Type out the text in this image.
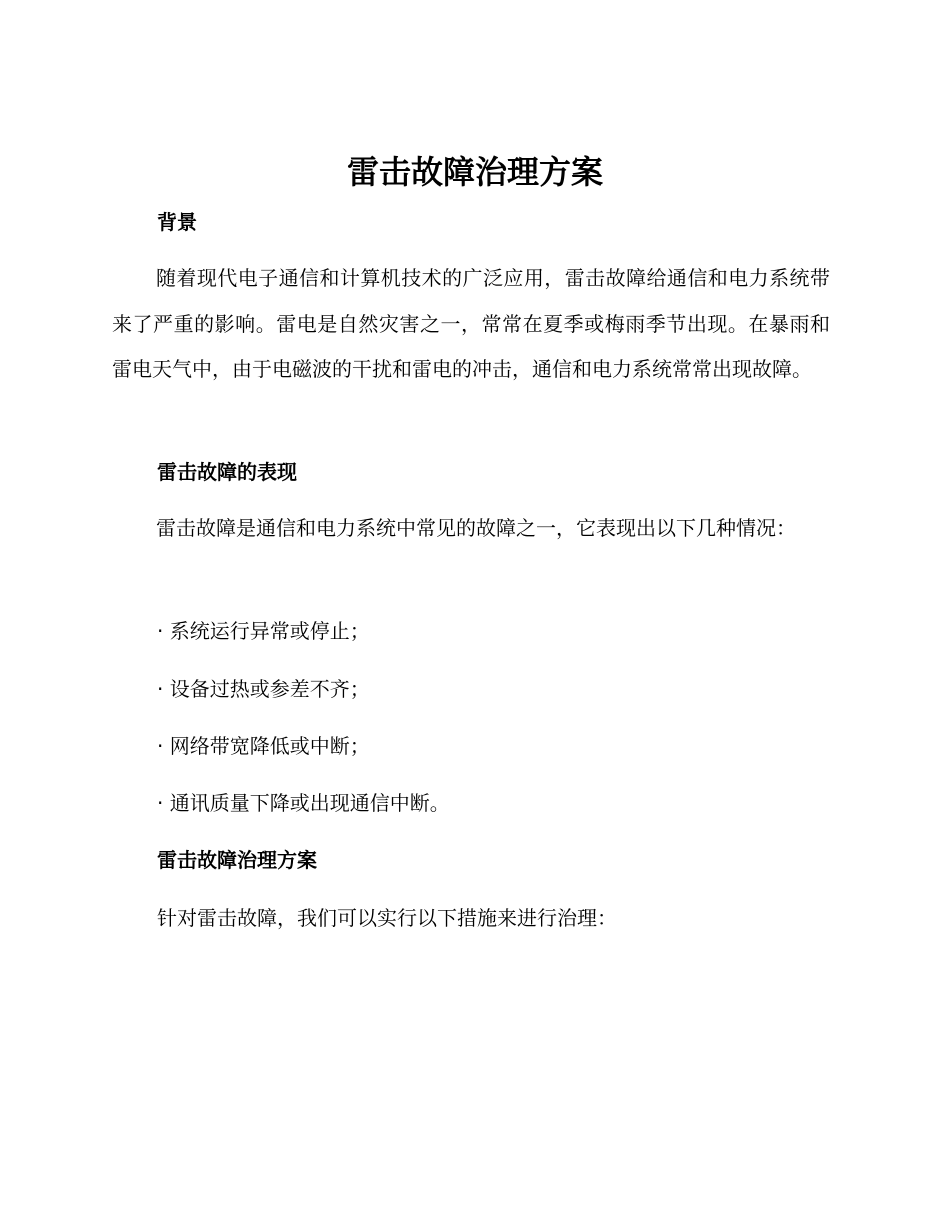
雷击故障治理方案
背景

随着现代电子通信和计算机技术的广泛应用，雷击故障给通信和电力系统带来了严重的影响。雷电是自然灾害之一，常常在夏季或梅雨季节出现。在暴雨和雷电天气中，由于电磁波的干扰和雷电的冲击，通信和电力系统常常出现故障。

雷击故障的表现

雷击故障是通信和电力系统中常见的故障之一，它表现出以下几种情况：

· 系统运行异常或停止；

· 设备过热或参差不齐；

· 网络带宽降低或中断；

· 通讯质量下降或出现通信中断。

雷击故障治理方案

针对雷击故障，我们可以实行以下措施来进行治理：
